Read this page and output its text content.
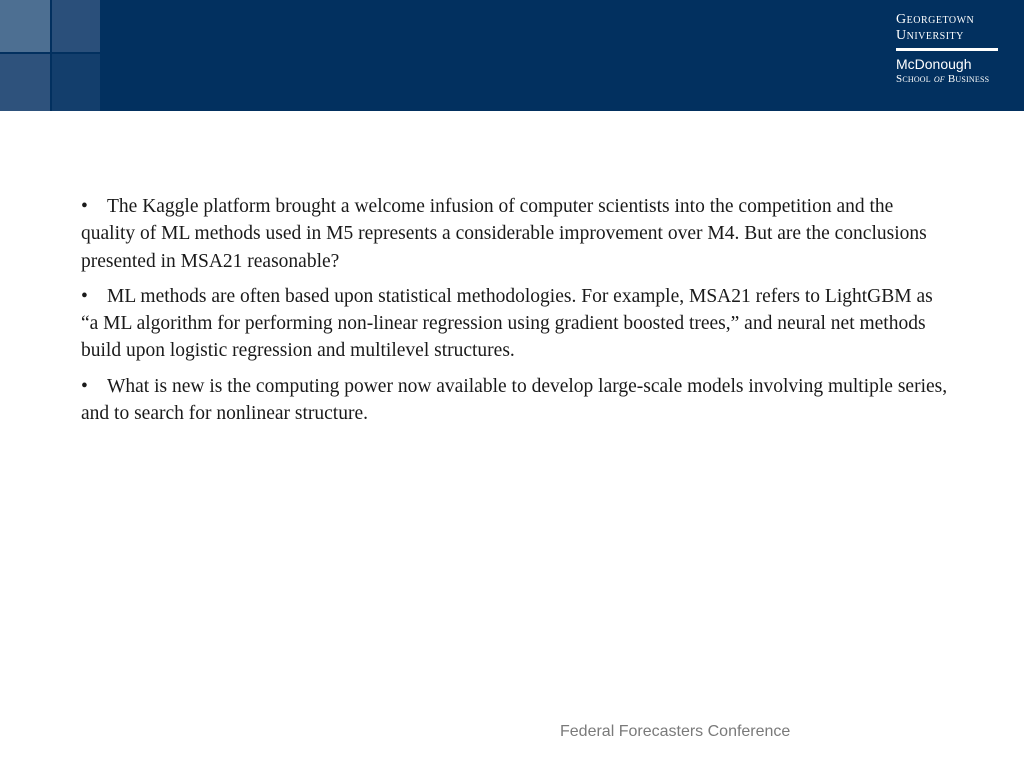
Georgetown
University
McDonough
School of Business

• The Kaggle platform brought a welcome infusion of computer scientists into the competition and the quality of ML methods used in M5 represents a considerable improvement over M4. But are the conclusions presented in MSA21 reasonable?

• ML methods are often based upon statistical methodologies. For example, MSA21 refers to LightGBM as “a ML algorithm for performing non-linear regression using gradient boosted trees,” and neural net methods build upon logistic regression and multilevel structures.

• What is new is the computing power now available to develop large-scale models involving multiple series, and to search for nonlinear structure.

Federal Forecasters Conference
